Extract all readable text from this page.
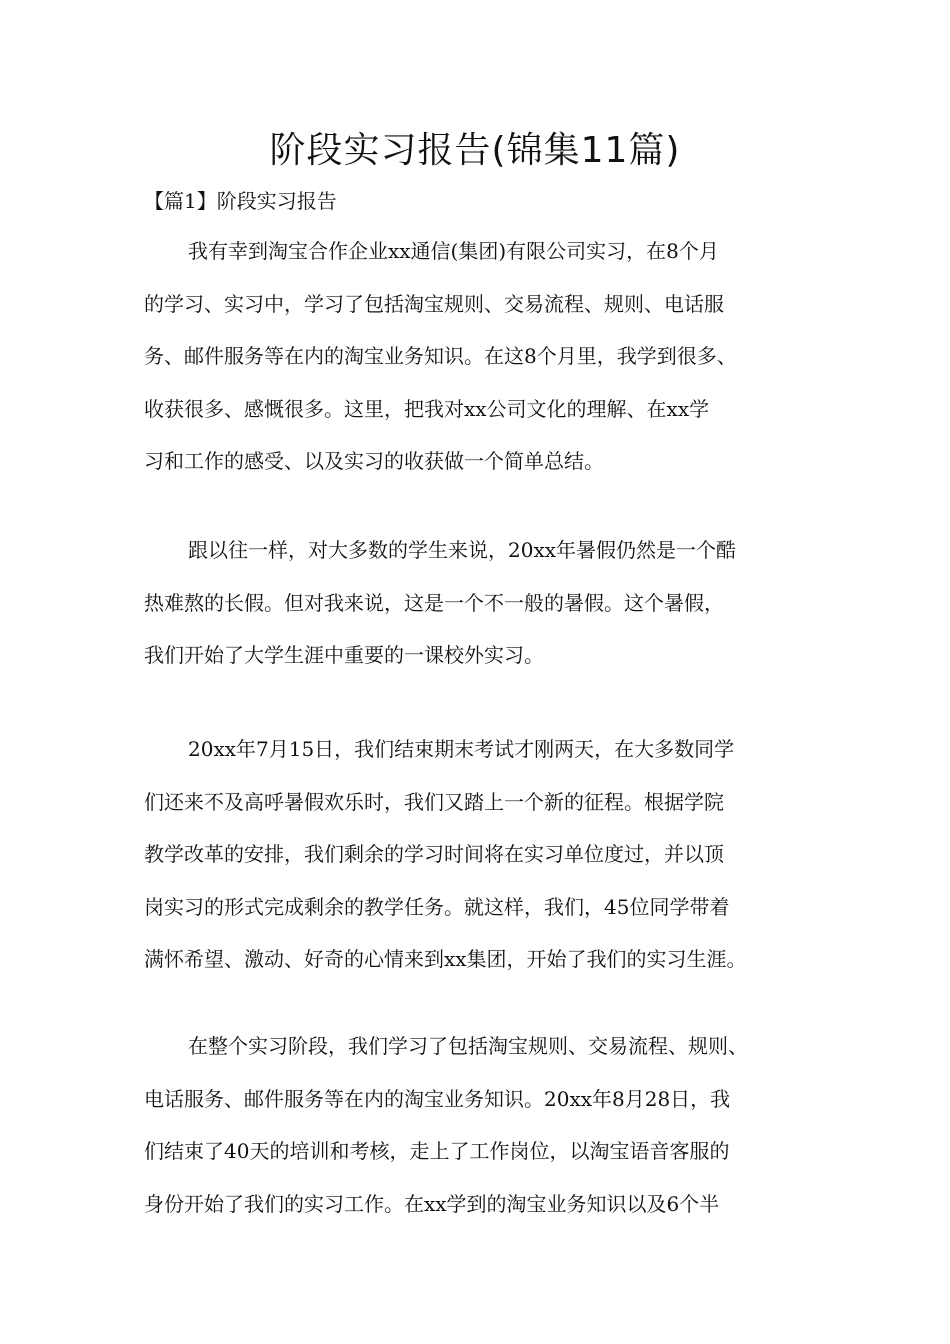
阶段实习报告(锦集11篇)
【篇1】阶段实习报告
我有幸到淘宝合作企业xx通信(集团)有限公司实习，在8个月
的学习、实习中，学习了包括淘宝规则、交易流程、规则、电话服
务、邮件服务等在内的淘宝业务知识。在这8个月里，我学到很多、
收获很多、感慨很多。这里，把我对xx公司文化的理解、在xx学
习和工作的感受、以及实习的收获做一个简单总结。
跟以往一样，对大多数的学生来说，20xx年暑假仍然是一个酷
热难熬的长假。但对我来说，这是一个不一般的暑假。这个暑假，
我们开始了大学生涯中重要的一课校外实习。
20xx年7月15日，我们结束期末考试才刚两天，在大多数同学
们还来不及高呼暑假欢乐时，我们又踏上一个新的征程。根据学院
教学改革的安排，我们剩余的学习时间将在实习单位度过，并以顶
岗实习的形式完成剩余的教学任务。就这样，我们，45位同学带着
满怀希望、激动、好奇的心情来到xx集团，开始了我们的实习生涯。
在整个实习阶段，我们学习了包括淘宝规则、交易流程、规则、
电话服务、邮件服务等在内的淘宝业务知识。20xx年8月28日，我
们结束了40天的培训和考核，走上了工作岗位，以淘宝语音客服的
身份开始了我们的实习工作。在xx学到的淘宝业务知识以及6个半
